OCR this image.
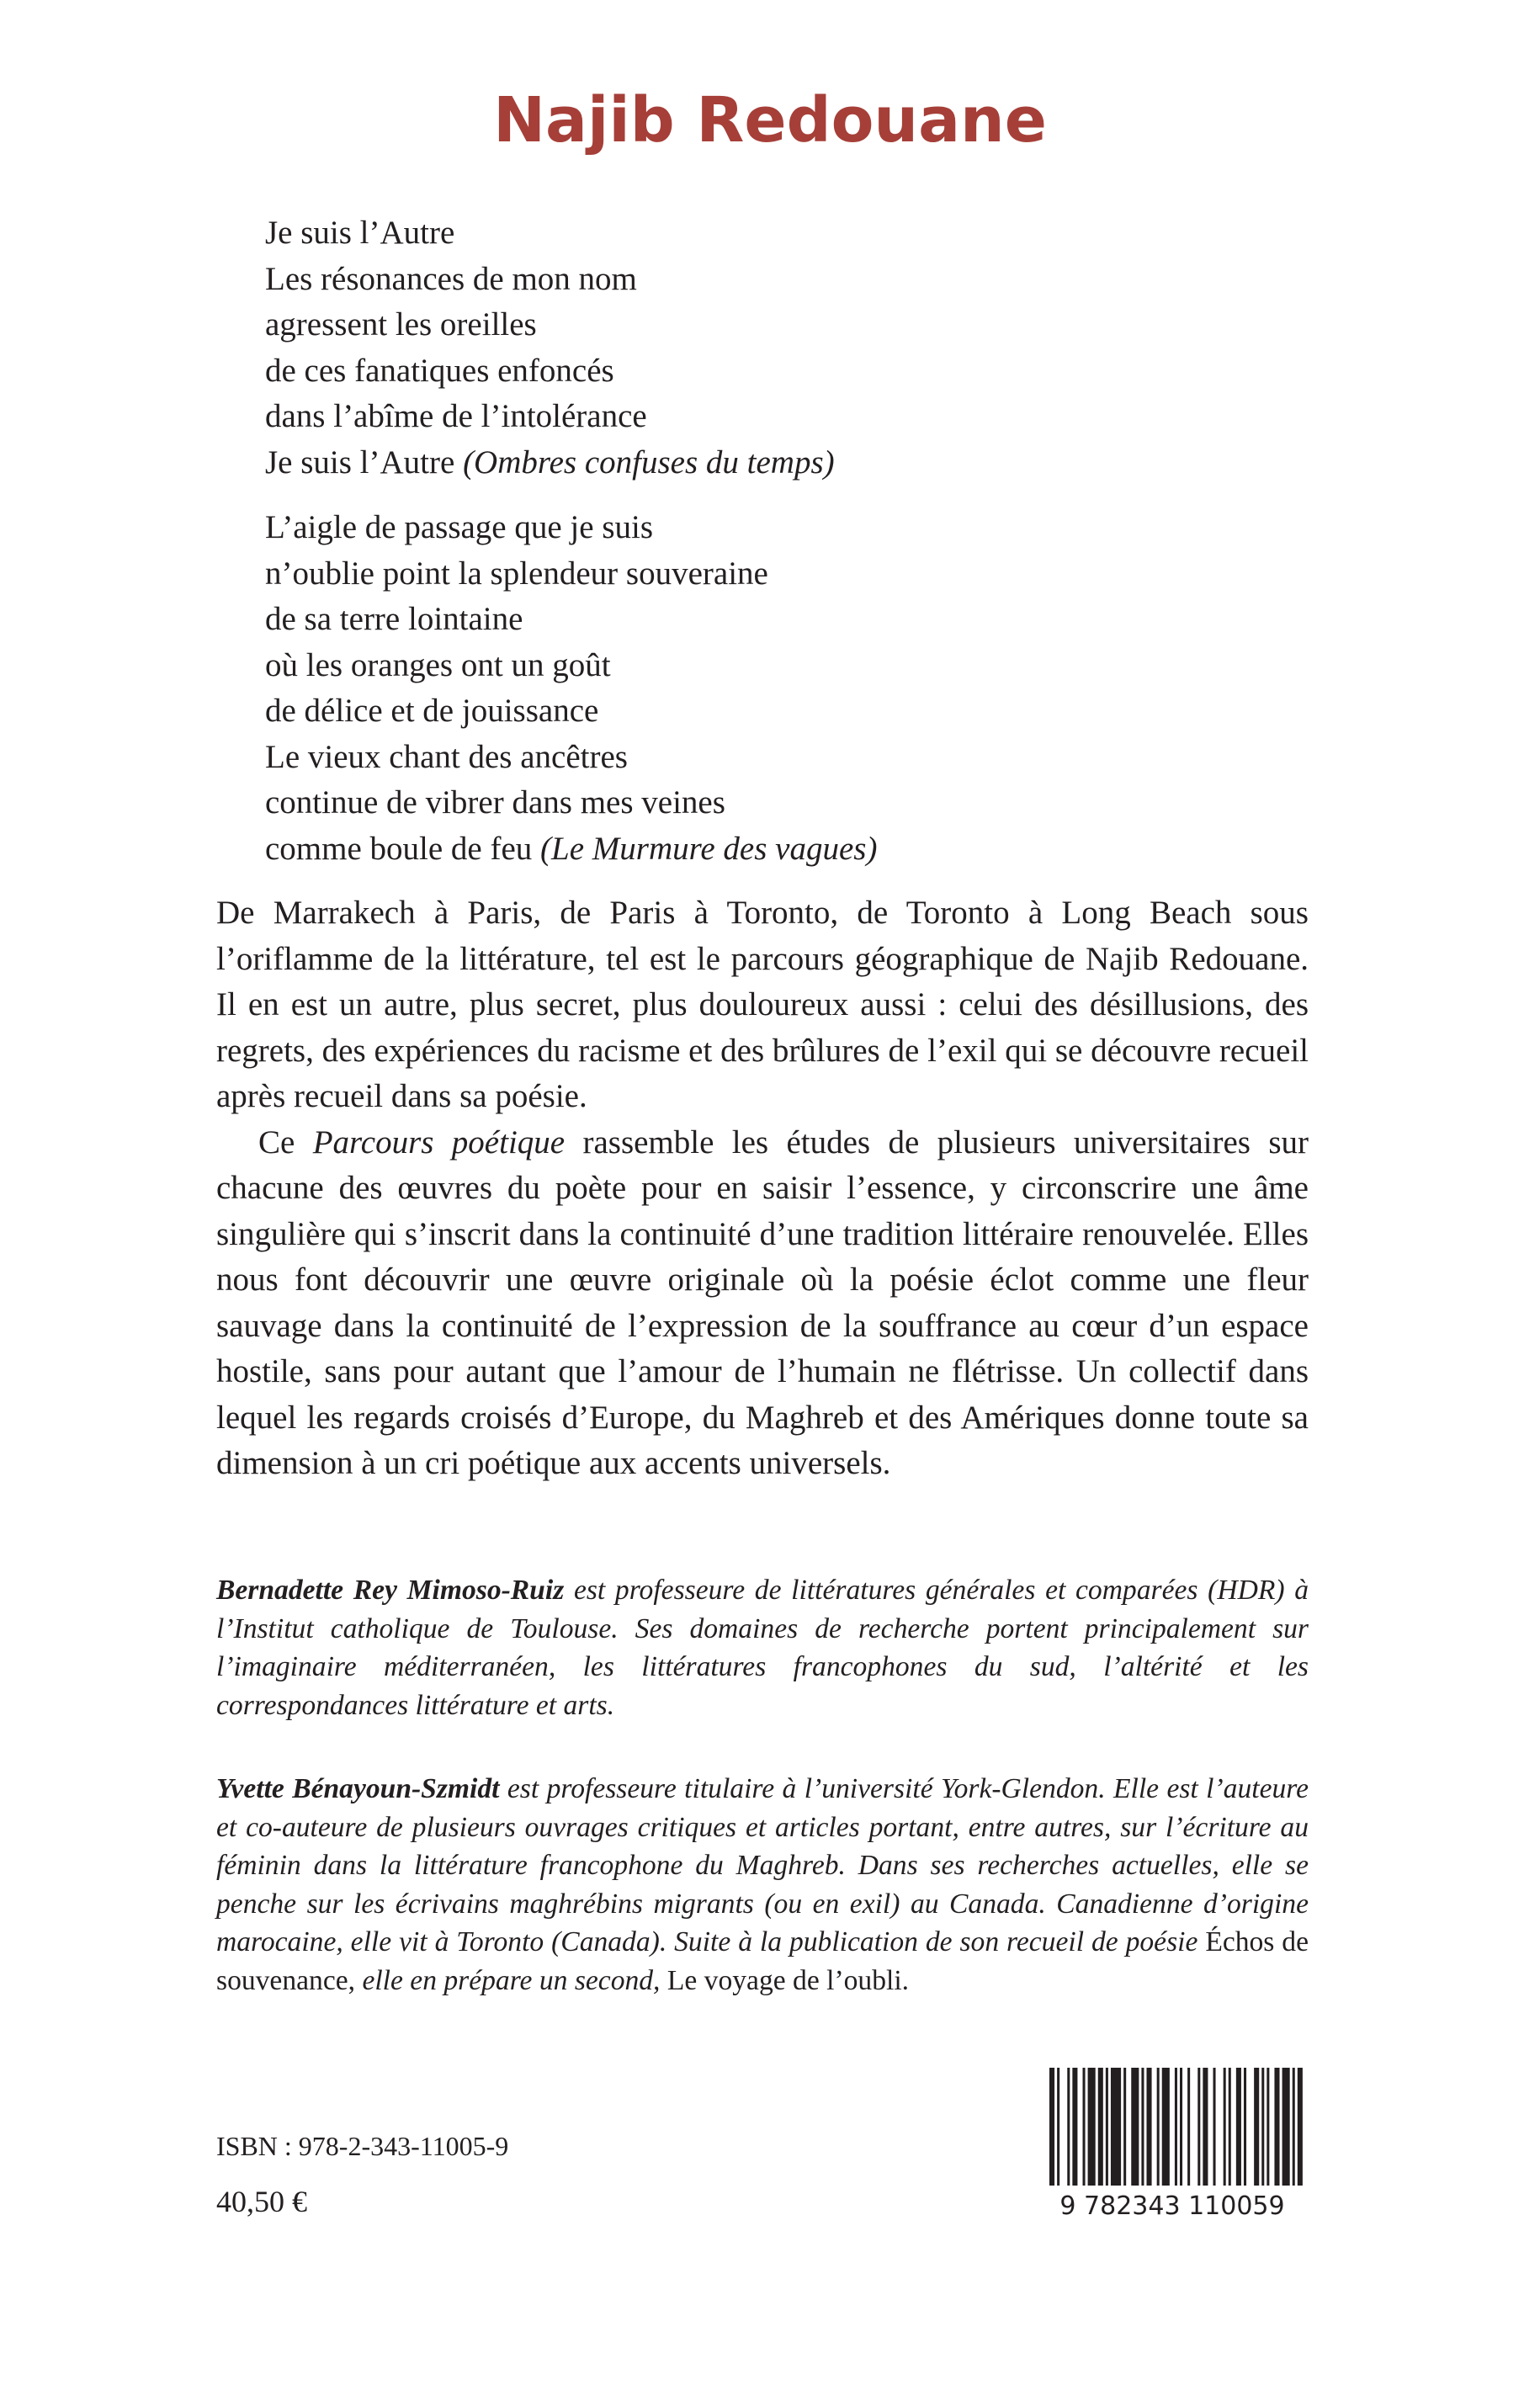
Najib Redouane
Je suis l’Autre
Les résonances de mon nom
agressent les oreilles
de ces fanatiques enfoncés
dans l’abîme de l’intolérance
Je suis l’Autre (Ombres confuses du temps)
L’aigle de passage que je suis
n’oublie point la splendeur souveraine
de sa terre lointaine
où les oranges ont un goût
de délice et de jouissance
Le vieux chant des ancêtres
continue de vibrer dans mes veines
comme boule de feu (Le Murmure des vagues)

De Marrakech à Paris, de Paris à Toronto, de Toronto à Long Beach sous l’oriflamme de la littérature, tel est le parcours géographique de Najib Redouane. Il en est un autre, plus secret, plus douloureux aussi : celui des désillusions, des regrets, des expériences du racisme et des brûlures de l’exil qui se découvre recueil après recueil dans sa poésie.

Ce Parcours poétique rassemble les études de plusieurs universitaires sur chacune des œuvres du poète pour en saisir l’essence, y circonscrire une âme singulière qui s’inscrit dans la continuité d’une tradition littéraire renouvelée. Elles nous font découvrir une œuvre originale où la poésie éclot comme une fleur sauvage dans la continuité de l’expression de la souffrance au cœur d’un espace hostile, sans pour autant que l’amour de l’humain ne flétrisse. Un collectif dans lequel les regards croisés d’Europe, du Maghreb et des Amériques donne toute sa dimension à un cri poétique aux accents universels.

Bernadette Rey Mimoso-Ruiz est professeure de littératures générales et comparées (HDR) à l’Institut catholique de Toulouse. Ses domaines de recherche portent principalement sur l’imaginaire méditerranéen, les littératures francophones du sud, l’altérité et les correspondances littérature et arts.
Yvette Bénayoun-Szmidt est professeure titulaire à l’université York-Glendon. Elle est l’auteure et co-auteure de plusieurs ouvrages critiques et articles portant, entre autres, sur l’écriture au féminin dans la littérature francophone du Maghreb. Dans ses recherches actuelles, elle se penche sur les écrivains maghrébins migrants (ou en exil) au Canada. Canadienne d’origine marocaine, elle vit à Toronto (Canada). Suite à la publication de son recueil de poésie Échos de souvenance, elle en prépare un second, Le voyage de l’oubli.
ISBN : 978-2-343-11005-9
40,50 €	9 782343 110059
